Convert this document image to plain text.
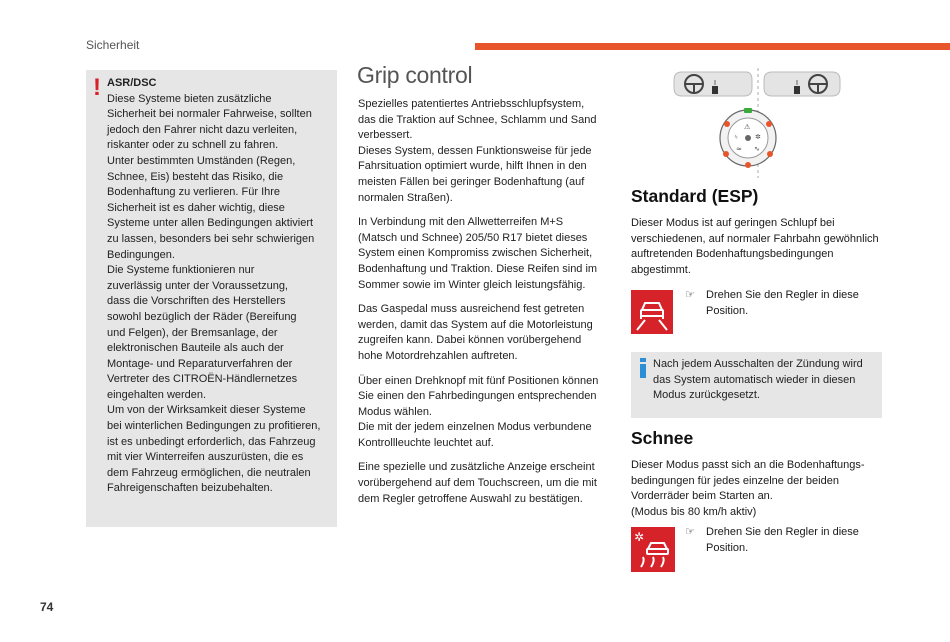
Sicherheit
! ASR/DSC

Diese Systeme bieten zusätzliche
Sicherheit bei normaler Fahrweise, sollten
jedoch den Fahrer nicht dazu verleiten,
riskanter oder zu schnell zu fahren.

Unter bestimmten Umständen (Regen,
Schnee, Eis) besteht das Risiko, die
Bodenhaftung zu verlieren. Für Ihre
Sicherheit ist es daher wichtig, diese
Systeme unter allen Bedingungen aktiviert
zu lassen, besonders bei sehr schwierigen
Bedingungen.

Die Systeme funktionieren nur
zuverlässig unter der Voraussetzung,
dass die Vorschriften des Herstellers
sowohl bezüglich der Räder (Bereifung
und Felgen), der Bremsanlage, der
elektronischen Bauteile als auch der
Montage- und Reparaturverfahren der
Vertreter des CITROËN-Händlernetzes
eingehalten werden.

Um von der Wirksamkeit dieser Systeme
bei winterlichen Bedingungen zu profitieren,
ist es unbedingt erforderlich, das Fahrzeug
mit vier Winterreifen auszurüsten, die es
dem Fahrzeug ermöglichen, die neutralen
Fahreigenschaften beizubehalten.

Grip control

Spezielles patentiertes Antriebsschlupfsystem,
das die Traktion auf Schnee, Schlamm und Sand
verbessert.
Dieses System, dessen Funktionsweise für jede
Fahrsituation optimiert wurde, hilft Ihnen in den
meisten Fällen bei geringer Bodenhaftung (auf
normalen Straßen).

In Verbindung mit den Allwetterreifen M+S
(Matsch und Schnee) 205/50 R17 bietet dieses
System einen Kompromiss zwischen Sicherheit,
Bodenhaftung und Traktion. Diese Reifen sind im
Sommer sowie im Winter gleich leistungsfähig.

Das Gaspedal muss ausreichend fest getreten
werden, damit das System auf die Motorleistung
zugreifen kann. Dabei können vorübergehend
hohe Motordrehzahlen auftreten.

Über einen Drehknopf mit fünf Positionen können
Sie einen den Fahrbedingungen entsprechenden
Modus wählen.
Die mit der jedem einzelnen Modus verbundene
Kontrollleuchte leuchtet auf.

Eine spezielle und zusätzliche Anzeige erscheint
vorübergehend auf dem Touchscreen, um die mit
dem Regler getroffene Auswahl zu bestätigen.

⚠
ᛃ ✲
≈ ∿
Standard (ESP)
Dieser Modus ist auf geringen Schlupf bei
verschiedenen, auf normaler Fahrbahn gewöhnlich
auftretenden Bodenhaftungsbedingungen
abgestimmt.
☞ Drehen Sie den Regler in diese
Position.
Nach jedem Ausschalten der Zündung wird
das System automatisch wieder in diesen
Modus zurückgesetzt.
Schnee
Dieser Modus passt sich an die Bodenhaftungs-
bedingungen für jedes einzelne der beiden
Vorderräder beim Starten an.
(Modus bis 80 km/h aktiv)
✲	☞ Drehen Sie den Regler in diese
Position.
74
